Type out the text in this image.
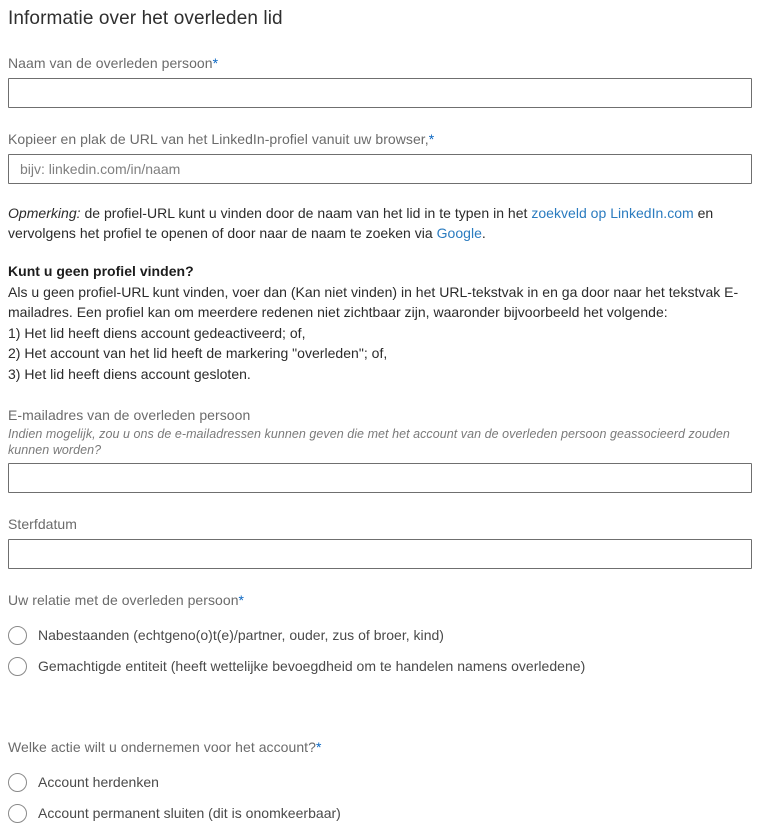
Informatie over het overleden lid
Naam van de overleden persoon*
Kopieer en plak de URL van het LinkedIn-profiel vanuit uw browser,*
bijv: linkedin.com/in/naam
Opmerking: de profiel-URL kunt u vinden door de naam van het lid in te typen in het zoekveld op LinkedIn.com en vervolgens het profiel te openen of door naar de naam te zoeken via Google.
Kunt u geen profiel vinden?
Als u geen profiel-URL kunt vinden, voer dan (Kan niet vinden) in het URL-tekstvak in en ga door naar het tekstvak E-mailadres. Een profiel kan om meerdere redenen niet zichtbaar zijn, waaronder bijvoorbeeld het volgende:
1) Het lid heeft diens account gedeactiveerd; of,
2) Het account van het lid heeft de markering "overleden"; of,
3) Het lid heeft diens account gesloten.
E-mailadres van de overleden persoon
Indien mogelijk, zou u ons de e-mailadressen kunnen geven die met het account van de overleden persoon geassocieerd zouden kunnen worden?
Sterfdatum
Uw relatie met de overleden persoon*
Nabestaanden (echtgeno(o)t(e)/partner, ouder, zus of broer, kind)
Gemachtigde entiteit (heeft wettelijke bevoegdheid om te handelen namens overledene)
Welke actie wilt u ondernemen voor het account?*
Account herdenken
Account permanent sluiten (dit is onomkeerbaar)
